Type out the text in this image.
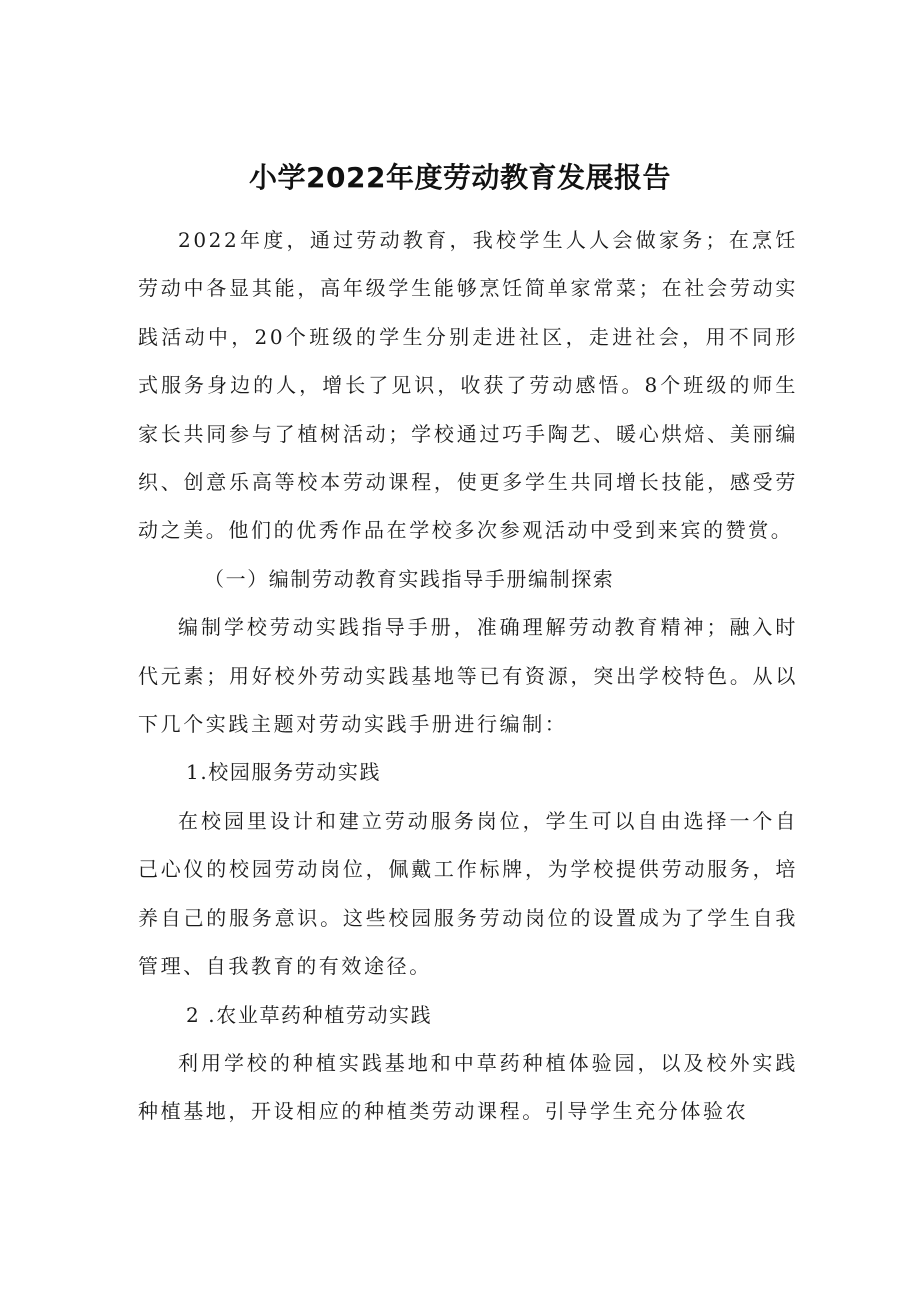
小学2022年度劳动教育发展报告

2022年度，通过劳动教育，我校学生人人会做家务；在烹饪劳动中各显其能，高年级学生能够烹饪简单家常菜；在社会劳动实践活动中，20个班级的学生分别走进社区，走进社会，用不同形式服务身边的人，增长了见识，收获了劳动感悟。8个班级的师生家长共同参与了植树活动；学校通过巧手陶艺、暖心烘焙、美丽编织、创意乐高等校本劳动课程，使更多学生共同增长技能，感受劳动之美。他们的优秀作品在学校多次参观活动中受到来宾的赞赏。

（一）编制劳动教育实践指导手册编制探索

编制学校劳动实践指导手册，准确理解劳动教育精神；融入时代元素；用好校外劳动实践基地等已有资源，突出学校特色。从以下几个实践主题对劳动实践手册进行编制：

1.校园服务劳动实践

在校园里设计和建立劳动服务岗位，学生可以自由选择一个自己心仪的校园劳动岗位，佩戴工作标牌，为学校提供劳动服务，培养自己的服务意识。这些校园服务劳动岗位的设置成为了学生自我管理、自我教育的有效途径。

2 .农业草药种植劳动实践

利用学校的种植实践基地和中草药种植体验园，以及校外实践种植基地，开设相应的种植类劳动课程。引导学生充分体验农
